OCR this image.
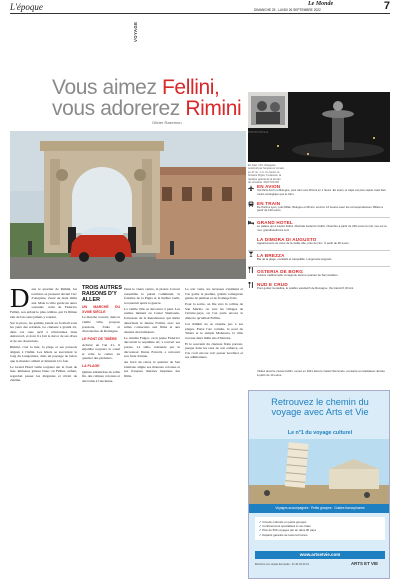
L'époque	Le Monde
DIMANCHE 25 - LUNDI 26 SEPTEMBRE 2022	7
VOYAGE
Vous aimez Fellini,
vous adorerez Rimini
Olivier Razemon

En haut, l'Arc d'Auguste,

construit par l'empereur romain,

en 27 av. J.-C. Ci-contre, la

fontaine Pigna. Ci-dessus, la

réplique géante de la Ferrari

du cimetière. PHOTOS DR

EN AVION
Vol Paris-Forlì ou Bologne, puis train vers Rimini en 1 heure. En avion, le trajet est plus rapide mais bien moins écologique que le train.
EN TRAIN
De Paris à Lyon, puis Milan, Bologne et Rimini, environ 12 heures avec les correspondances. Billets à partir de 120 euros.
GRAND HOTEL
Le palace qui a inspiré Fellini. Piazzale Federico Fellini. Chambre à partir de 200 euros la nuit, vue sur la mer. grandhotelrimini.com
LA DIMORA DI AUGUSTO
Appartements au cœur de la vieille ville, près de l'arc. À partir de 90 euros.
LA BREZZA
Bar de la plage, cocktails et tranquillité. Lungomare Augusto.
OSTERIA DE BORG
Cuisine traditionnelle romagnole dans le quartier de San Giuliano.
NUD E CRUD
Pour goûter la piadina, le célèbre sandwich de Romagne. Via Cairoli 8, Rimini.
Visitez aussi le musée Fellini, ouvert en 2021 dans le Castel Sismondo, consacré au réalisateur. Entrée à partir de 10 euros.
Retrouvez le chemin du voyage avec Arts et Vie
Le n°1 du voyage culturel
Voyages accompagnés · Petits groupes · Guides francophones
✔ Circuits culturels en petits groupes
✔ Conférenciers spécialisés à vos côtés
✔ Plus de 500 voyages par an dans 90 pays
✔ Départs garantis de toute la France
www.artsetvie.com
Brochure sur simple demande : 01 40 43 20 21	ARTS ET VIE
D ans le quartier de Rimini, les touristes se pressent devant l'arc d'Auguste, vieux de deux mille ans. Mais la ville garde un autre souvenir, celui de Federico Fellini, son enfant le plus célèbre, qui l'a filmée tant de fois sans jamais y tourner.

Sur la place, les gamins jouent au football sous les yeux des retraités. Le cinéaste a grandi ici, dans ces rues qu'il a réinventées dans Amarcord, et dont il a fait le décor de ses rêves et de ses obsessions.

Rimini, c'est la mer, la plage et ses parasols alignés à l'infini. Les hôtels se succèdent le long du Lungomare, dans un paysage de béton que le maestro aimait et détestait à la fois.

Le Grand Hotel veille toujours sur le front de mer, immense gâteau blanc où Fellini, enfant, regardait passer les élégantes et rêvait de cinéma.

TROIS AUTRES RAISONS D'Y ALLER
UN MARCHÉ DU XVIIIE SIÈCLE

Le marché couvert, dans la vieille ville, propose poissons, fruits et charcuteries de Romagne.

LE PONT DE TIBÈRE

Achevé en l'an 21, il enjambe toujours le canal et relie le centre au quartier des pêcheurs.

LA PLAGE

Quinze kilomètres de sable fin, des cabines colorées et des bains à l'ancienne.

Dans le vieux centre, la piazza Cavour rassemble le palais communal, la fontaine de la Pigna et le théâtre Galli, reconstruit après la guerre.

La vieille ville se découvre à pied. Les ruelles mènent au Castel Sismondo, forteresse de la Renaissance qui abrite désormais le musée Fellini, avec ses salles consacrées aux films et aux dessins du réalisateur.

Le cinéma Fulgor, où le jeune Federico découvrit le septième art, a rouvert ses portes. La salle, restaurée par le décorateur Dante Ferretti, a retrouvé son faste d'antan.

Au bord du canal, le quartier de San Giuliano aligne ses maisons colorées et ses fresques murales inspirées des films.

Le soir venu, les terrasses s'animent et l'on goûte la piadina, galette romagnole garnie de jambon et de fromage frais.

Pour la sortie, on file vers la colline de San Marino ou vers les villages de l'arrière-pays, où l'on parle encore le dialecte qu'aimait Fellini.

Car Rimini ne se résume pas à ses plages. Entre l'arc romain, le pont de Tibère et le temple Malatesta, la ville raconte deux mille ans d'histoire.

Et le souvenir du cinéaste flotte partout, jusque dans les rues de son enfance, où l'on croit encore voir passer Gradisca et ses admirateurs.

PHOTO FOTOLIA
